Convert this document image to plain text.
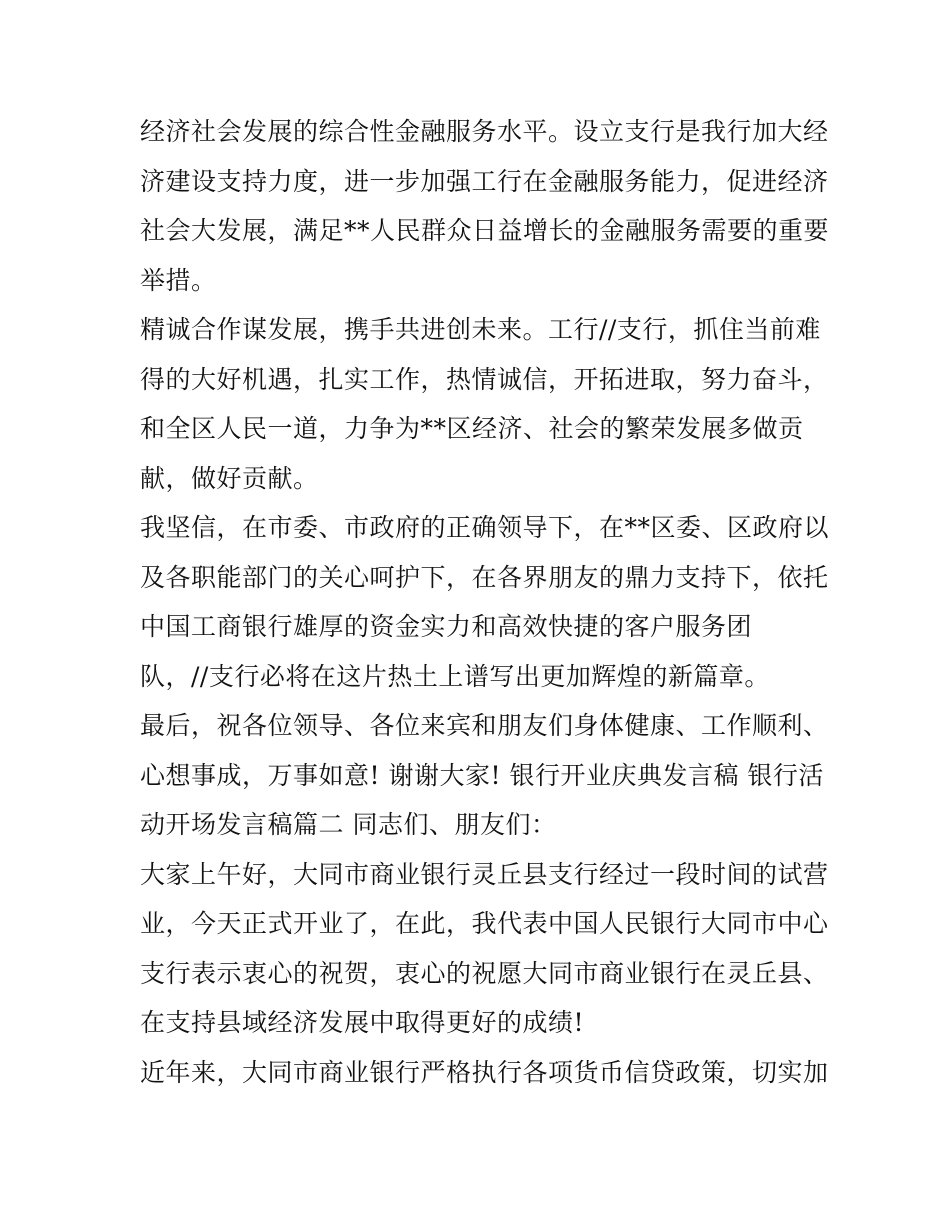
经济社会发展的综合性金融服务水平。设立支行是我行加大经
济建设支持力度，进一步加强工行在金融服务能力，促进经济
社会大发展，满足**人民群众日益增长的金融服务需要的重要
举措。
精诚合作谋发展，携手共进创未来。工行//支行，抓住当前难
得的大好机遇，扎实工作，热情诚信，开拓进取，努力奋斗，
和全区人民一道，力争为**区经济、社会的繁荣发展多做贡
献，做好贡献。
我坚信，在市委、市政府的正确领导下，在**区委、区政府以
及各职能部门的关心呵护下，在各界朋友的鼎力支持下，依托
中国工商银行雄厚的资金实力和高效快捷的客户服务团
队，//支行必将在这片热土上谱写出更加辉煌的新篇章。
最后，祝各位领导、各位来宾和朋友们身体健康、工作顺利、
心想事成，万事如意! 谢谢大家! 银行开业庆典发言稿 银行活
动开场发言稿篇二 同志们、朋友们：
大家上午好，大同市商业银行灵丘县支行经过一段时间的试营
业，今天正式开业了，在此，我代表中国人民银行大同市中心
支行表示衷心的祝贺，衷心的祝愿大同市商业银行在灵丘县、
在支持县域经济发展中取得更好的成绩!
近年来，大同市商业银行严格执行各项货币信贷政策，切实加
